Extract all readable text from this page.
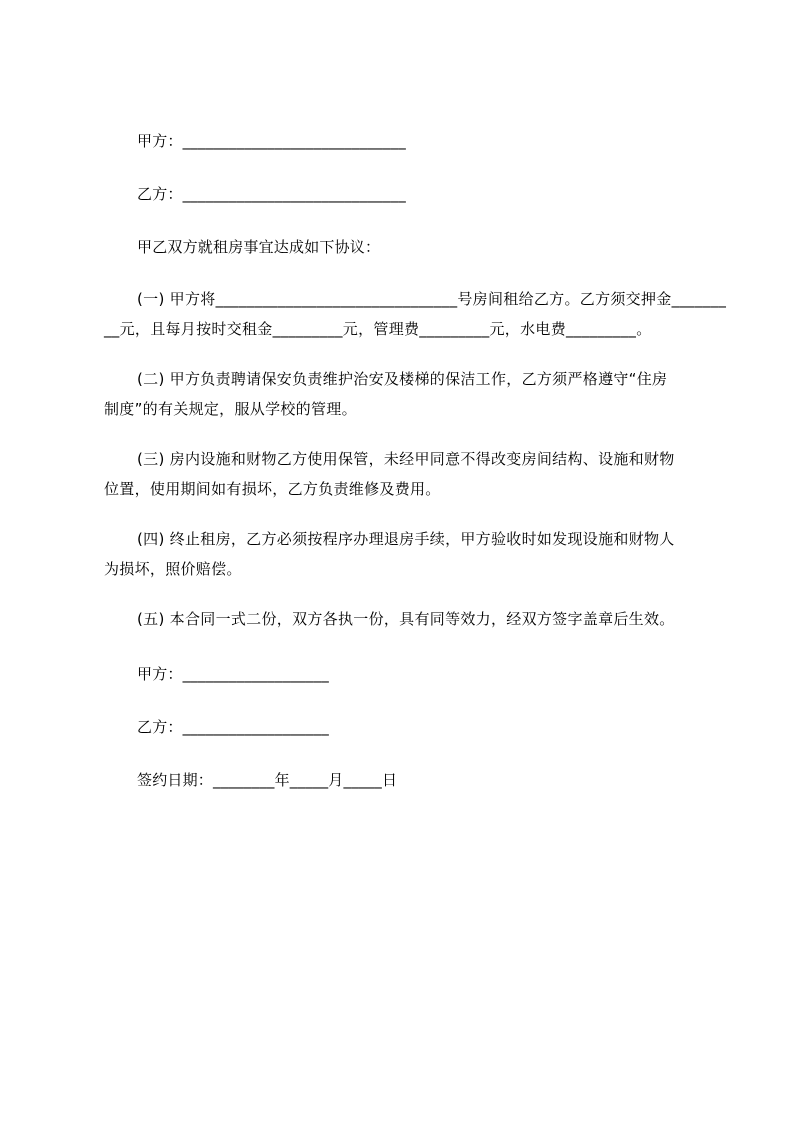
甲方：_____________________________
乙方：_____________________________
甲乙双方就租房事宜达成如下协议：
(一) 甲方将_______________________________号房间租给乙方。乙方须交押金_______
__元，且每月按时交租金_________元，管理费_________元，水电费_________。
(二) 甲方负责聘请保安负责维护治安及楼梯的保洁工作，乙方须严格遵守“住房
制度”的有关规定，服从学校的管理。
(三) 房内设施和财物乙方使用保管，未经甲同意不得改变房间结构、设施和财物
位置，使用期间如有损坏，乙方负责维修及费用。
(四) 终止租房，乙方必须按程序办理退房手续，甲方验收时如发现设施和财物人
为损坏，照价赔偿。
(五) 本合同一式二份，双方各执一份，具有同等效力，经双方签字盖章后生效。
甲方：___________________
乙方：___________________
签约日期：________年_____月_____日
